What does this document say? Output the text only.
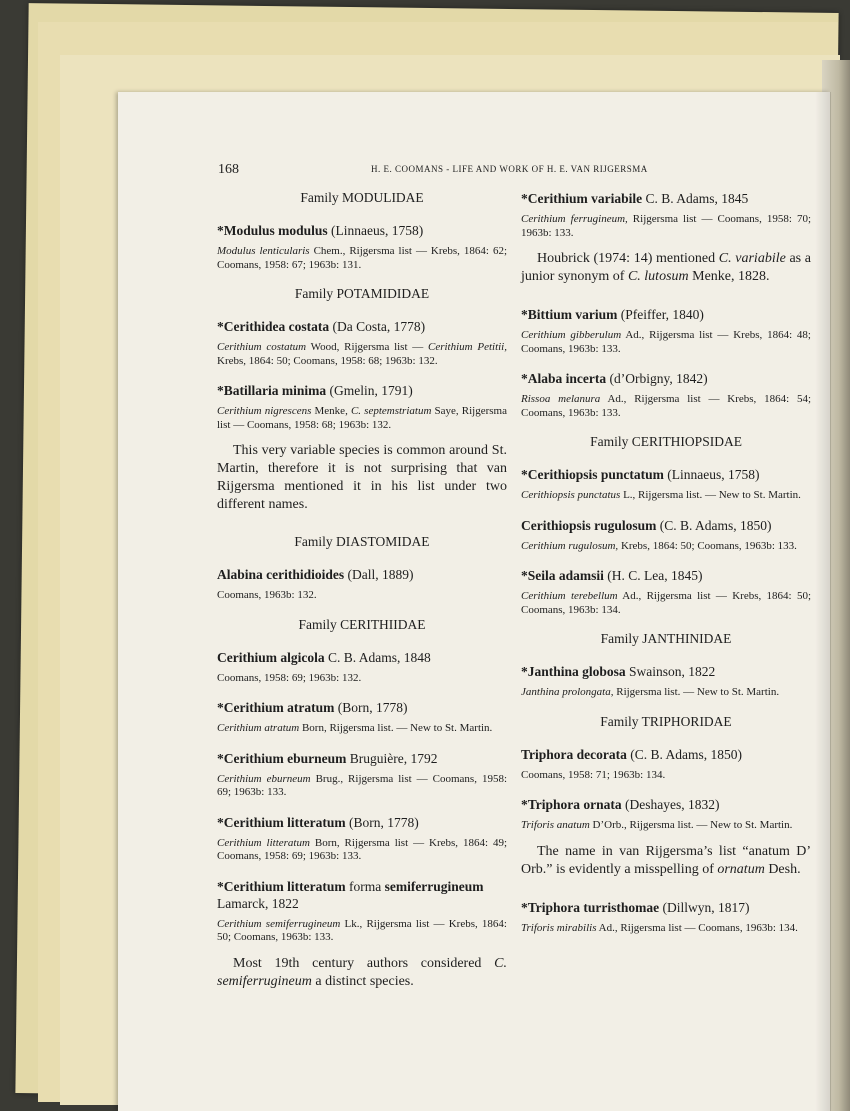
168	H. E. COOMANS - LIFE AND WORK OF H. E. VAN RIJGERSMA
Family MODULIDAE
*Modulus modulus (Linnaeus, 1758)
Modulus lenticularis Chem., Rijgersma list — Krebs, 1864: 62; Coomans, 1958: 67; 1963b: 131.
Family POTAMIDIDAE
*Cerithidea costata (Da Costa, 1778)
Cerithium costatum Wood, Rijgersma list — Cerithium Petitii, Krebs, 1864: 50; Coomans, 1958: 68; 1963b: 132.
*Batillaria minima (Gmelin, 1791)
Cerithium nigrescens Menke, C. septemstriatum Saye, Rijgersma list — Coomans, 1958: 68; 1963b: 132.
This very variable species is common around St. Martin, therefore it is not surprising that van Rijgersma mentioned it in his list under two different names.
Family DIASTOMIDAE
Alabina cerithidioides (Dall, 1889)
Coomans, 1963b: 132.
Family CERITHIIDAE
Cerithium algicola C. B. Adams, 1848
Coomans, 1958: 69; 1963b: 132.
*Cerithium atratum (Born, 1778)
Cerithium atratum Born, Rijgersma list. — New to St. Martin.
*Cerithium eburneum Bruguière, 1792
Cerithium eburneum Brug., Rijgersma list — Coomans, 1958: 69; 1963b: 133.
*Cerithium litteratum (Born, 1778)
Cerithium litteratum Born, Rijgersma list — Krebs, 1864: 49; Coomans, 1958: 69; 1963b: 133.
*Cerithium litteratum forma semiferrugineum Lamarck, 1822
Cerithium semiferrugineum Lk., Rijgersma list — Krebs, 1864: 50; Coomans, 1963b: 133.
Most 19th century authors considered C. semiferrugineum a distinct species.
*Cerithium variabile C. B. Adams, 1845
Cerithium ferrugineum, Rijgersma list — Coomans, 1958: 70; 1963b: 133.
Houbrick (1974: 14) mentioned C. variabile as a junior synonym of C. lutosum Menke, 1828.
*Bittium varium (Pfeiffer, 1840)
Cerithium gibberulum Ad., Rijgersma list — Krebs, 1864: 48; Coomans, 1963b: 133.
*Alaba incerta (d’Orbigny, 1842)
Rissoa melanura Ad., Rijgersma list — Krebs, 1864: 54; Coomans, 1963b: 133.
Family CERITHIOPSIDAE
*Cerithiopsis punctatum (Linnaeus, 1758)
Cerithiopsis punctatus L., Rijgersma list. — New to St. Martin.
Cerithiopsis rugulosum (C. B. Adams, 1850)
Cerithium rugulosum, Krebs, 1864: 50; Coomans, 1963b: 133.
*Seila adamsii (H. C. Lea, 1845)
Cerithium terebellum Ad., Rijgersma list — Krebs, 1864: 50; Coomans, 1963b: 134.
Family JANTHINIDAE
*Janthina globosa Swainson, 1822
Janthina prolongata, Rijgersma list. — New to St. Martin.
Family TRIPHORIDAE
Triphora decorata (C. B. Adams, 1850)
Coomans, 1958: 71; 1963b: 134.
*Triphora ornata (Deshayes, 1832)
Triforis anatum D’Orb., Rijgersma list. — New to St. Martin.
The name in van Rijgersma’s list “anatum D’ Orb.” is evidently a misspelling of ornatum Desh.
*Triphora turristhomae (Dillwyn, 1817)
Triforis mirabilis Ad., Rijgersma list — Coomans, 1963b: 134.
